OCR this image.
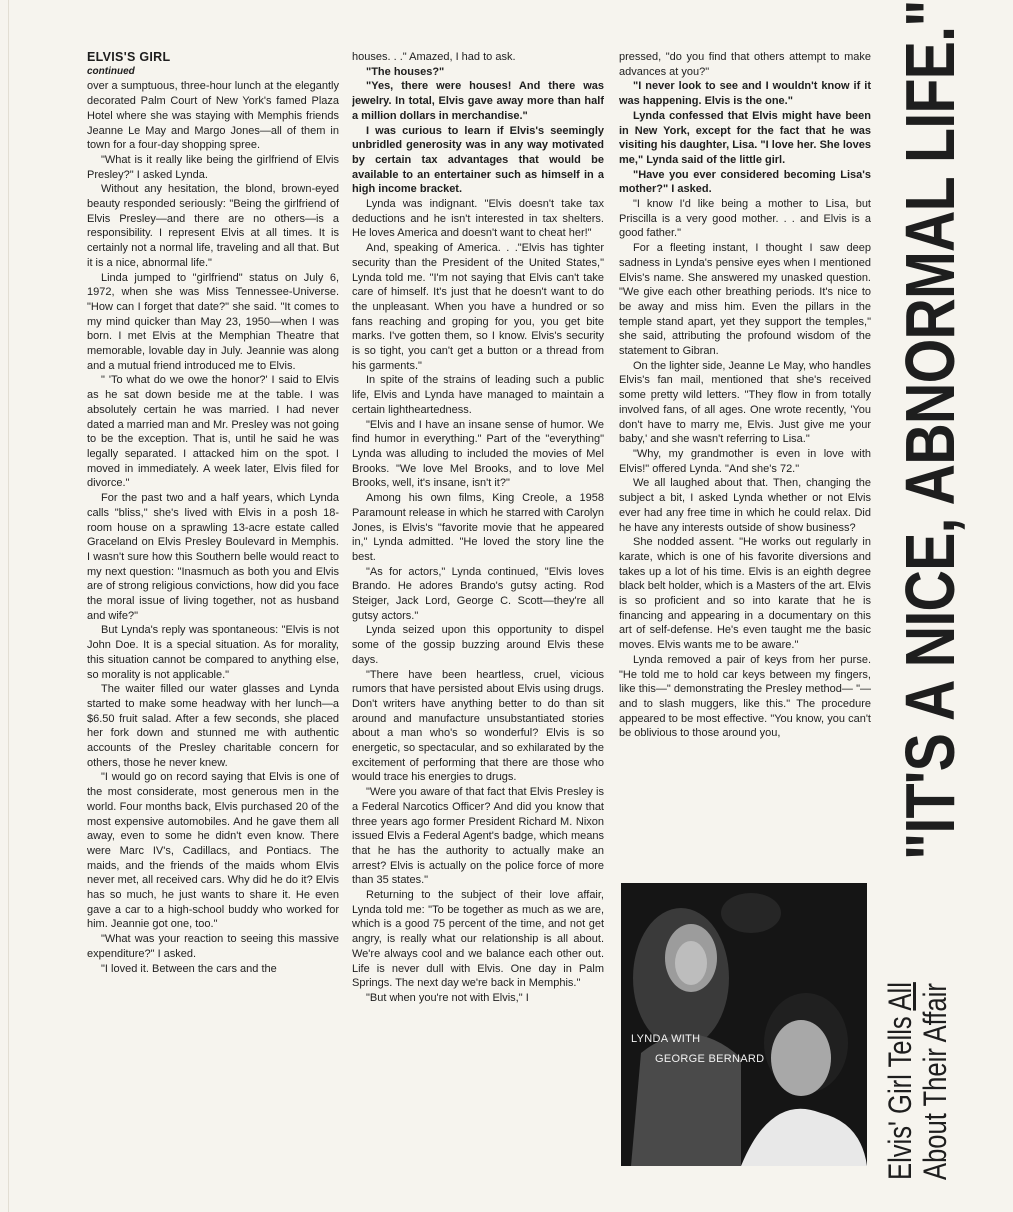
ELVIS'S GIRL

continued

over a sumptuous, three-hour lunch at the elegantly decorated Palm Court of New York's famed Plaza Hotel where she was staying with Memphis friends Jeanne Le May and Margo Jones—all of them in town for a four-day shopping spree.

"What is it really like being the girlfriend of Elvis Presley?" I asked Lynda.

Without any hesitation, the blond, brown-eyed beauty responded seriously: "Being the girlfriend of Elvis Presley—and there are no others—is a responsibility. I represent Elvis at all times. It is certainly not a normal life, traveling and all that. But it is a nice, abnormal life."

Linda jumped to "girlfriend" status on July 6, 1972, when she was Miss Tennessee-Universe. "How can I forget that date?" she said. "It comes to my mind quicker than May 23, 1950—when I was born. I met Elvis at the Memphian Theatre that memorable, lovable day in July. Jeannie was along and a mutual friend introduced me to Elvis.

" 'To what do we owe the honor?' I said to Elvis as he sat down beside me at the table. I was absolutely certain he was married. I had never dated a married man and Mr. Presley was not going to be the exception. That is, until he said he was legally separated. I attacked him on the spot. I moved in immediately. A week later, Elvis filed for divorce."

For the past two and a half years, which Lynda calls "bliss," she's lived with Elvis in a posh 18-room house on a sprawling 13-acre estate called Graceland on Elvis Presley Boulevard in Memphis. I wasn't sure how this Southern belle would react to my next question: "Inasmuch as both you and Elvis are of strong religious convictions, how did you face the moral issue of living together, not as husband and wife?"

But Lynda's reply was spontaneous: "Elvis is not John Doe. It is a special situation. As for morality, this situation cannot be compared to anything else, so morality is not applicable."

The waiter filled our water glasses and Lynda started to make some headway with her lunch—a $6.50 fruit salad. After a few seconds, she placed her fork down and stunned me with authentic accounts of the Presley charitable concern for others, those he never knew.

"I would go on record saying that Elvis is one of the most considerate, most generous men in the world. Four months back, Elvis purchased 20 of the most expensive automobiles. And he gave them all away, even to some he didn't even know. There were Marc IV's, Cadillacs, and Pontiacs. The maids, and the friends of the maids whom Elvis never met, all received cars. Why did he do it? Elvis has so much, he just wants to share it. He even gave a car to a high-school buddy who worked for him. Jeannie got one, too."

"What was your reaction to seeing this massive expenditure?" I asked.

"I loved it. Between the cars and the

houses. . ." Amazed, I had to ask.

"The houses?"

"Yes, there were houses! And there was jewelry. In total, Elvis gave away more than half a million dollars in merchandise."

I was curious to learn if Elvis's seemingly unbridled generosity was in any way motivated by certain tax advantages that would be available to an entertainer such as himself in a high income bracket.

Lynda was indignant. "Elvis doesn't take tax deductions and he isn't interested in tax shelters. He loves America and doesn't want to cheat her!"

And, speaking of America. . ."Elvis has tighter security than the President of the United States," Lynda told me. "I'm not saying that Elvis can't take care of himself. It's just that he doesn't want to do the unpleasant. When you have a hundred or so fans reaching and groping for you, you get bite marks. I've gotten them, so I know. Elvis's security is so tight, you can't get a button or a thread from his garments."

In spite of the strains of leading such a public life, Elvis and Lynda have managed to maintain a certain lightheartedness.

"Elvis and I have an insane sense of humor. We find humor in everything." Part of the "everything" Lynda was alluding to included the movies of Mel Brooks. "We love Mel Brooks, and to love Mel Brooks, well, it's insane, isn't it?"

Among his own films, King Creole, a 1958 Paramount release in which he starred with Carolyn Jones, is Elvis's "favorite movie that he appeared in," Lynda admitted. "He loved the story line the best.

"As for actors," Lynda continued, "Elvis loves Brando. He adores Brando's gutsy acting. Rod Steiger, Jack Lord, George C. Scott—they're all gutsy actors."

Lynda seized upon this opportunity to dispel some of the gossip buzzing around Elvis these days.

"There have been heartless, cruel, vicious rumors that have persisted about Elvis using drugs. Don't writers have anything better to do than sit around and manufacture unsubstantiated stories about a man who's so wonderful? Elvis is so energetic, so spectacular, and so exhilarated by the excitement of performing that there are those who would trace his energies to drugs.

"Were you aware of that fact that Elvis Presley is a Federal Narcotics Officer? And did you know that three years ago former President Richard M. Nixon issued Elvis a Federal Agent's badge, which means that he has the authority to actually make an arrest? Elvis is actually on the police force of more than 35 states."

Returning to the subject of their love affair, Lynda told me: "To be together as much as we are, which is a good 75 percent of the time, and not get angry, is really what our relationship is all about. We're always cool and we balance each other out. Life is never dull with Elvis. One day in Palm Springs. The next day we're back in Memphis."

"But when you're not with Elvis," I

pressed, "do you find that others attempt to make advances at you?"

"I never look to see and I wouldn't know if it was happening. Elvis is the one."

Lynda confessed that Elvis might have been in New York, except for the fact that he was visiting his daughter, Lisa. "I love her. She loves me," Lynda said of the little girl.

"Have you ever considered becoming Lisa's mother?" I asked.

"I know I'd like being a mother to Lisa, but Priscilla is a very good mother. . . and Elvis is a good father."

For a fleeting instant, I thought I saw deep sadness in Lynda's pensive eyes when I mentioned Elvis's name. She answered my unasked question. "We give each other breathing periods. It's nice to be away and miss him. Even the pillars in the temple stand apart, yet they support the temples," she said, attributing the profound wisdom of the statement to Gibran.

On the lighter side, Jeanne Le May, who handles Elvis's fan mail, mentioned that she's received some pretty wild letters. "They flow in from totally involved fans, of all ages. One wrote recently, 'You don't have to marry me, Elvis. Just give me your baby,' and she wasn't referring to Lisa."

"Why, my grandmother is even in love with Elvis!" offered Lynda. "And she's 72."

We all laughed about that. Then, changing the subject a bit, I asked Lynda whether or not Elvis ever had any free time in which he could relax. Did he have any interests outside of show business?

She nodded assent. "He works out regularly in karate, which is one of his favorite diversions and takes up a lot of his time. Elvis is an eighth degree black belt holder, which is a Masters of the art. Elvis is so proficient and so into karate that he is financing and appearing in a documentary on this art of self-defense. He's even taught me the basic moves. Elvis wants me to be aware."

Lynda removed a pair of keys from her purse. "He told me to hold car keys between my fingers, like this—" demonstrating the Presley method— "—and to slash muggers, like this." The procedure appeared to be most effective. "You know, you can't be oblivious to those around you,

LYNDA WITH
GEORGE BERNARD	Elvis' Girl Tells All
About Their Affair
"IT'S A NICE, ABNORMAL LIFE."
